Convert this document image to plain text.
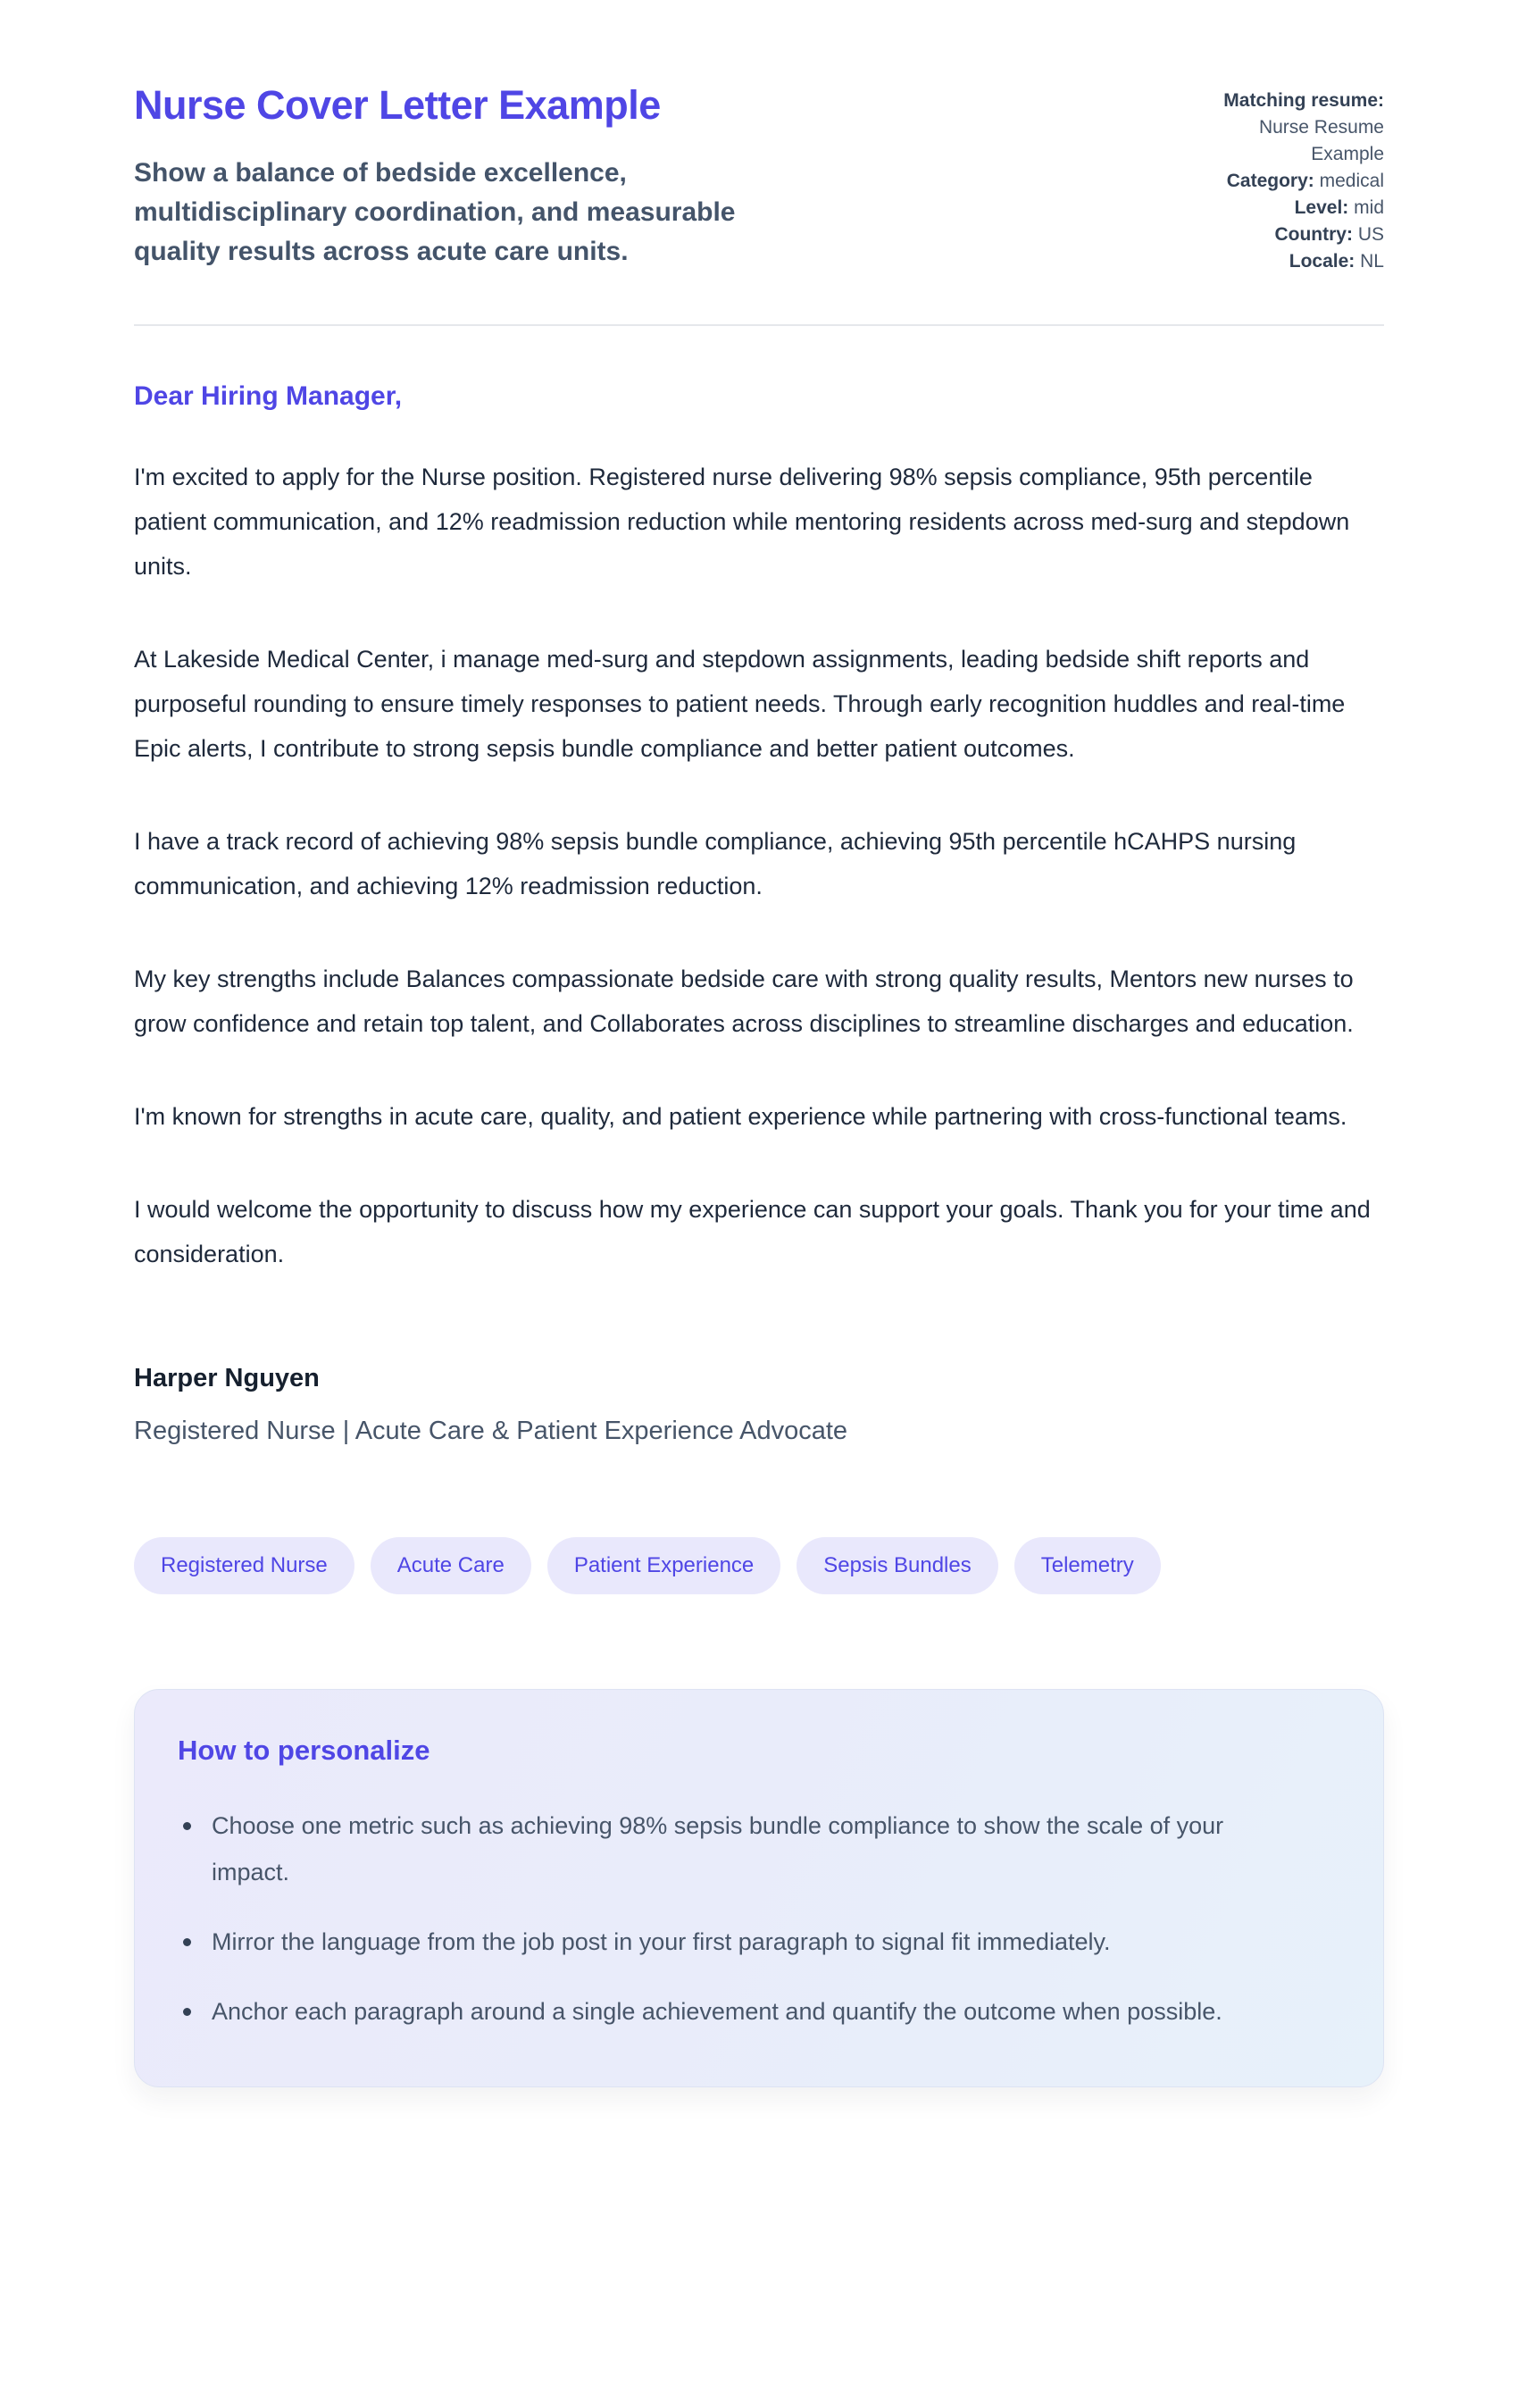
Nurse Cover Letter Example
Show a balance of bedside excellence,
multidisciplinary coordination, and measurable
quality results across acute care units.
Matching resume: Nurse Resume Example
Category: medical
Level: mid
Country: US
Locale: NL
Dear Hiring Manager,

I'm excited to apply for the Nurse position. Registered nurse delivering 98% sepsis compliance, 95th percentile patient communication, and 12% readmission reduction while mentoring residents across med-surg and stepdown units.

At Lakeside Medical Center, i manage med-surg and stepdown assignments, leading bedside shift reports and purposeful rounding to ensure timely responses to patient needs. Through early recognition huddles and real-time Epic alerts, I contribute to strong sepsis bundle compliance and better patient outcomes.

I have a track record of achieving 98% sepsis bundle compliance, achieving 95th percentile hCAHPS nursing communication, and achieving 12% readmission reduction.

My key strengths include Balances compassionate bedside care with strong quality results, Mentors new nurses to grow confidence and retain top talent, and Collaborates across disciplines to streamline discharges and education.

I'm known for strengths in acute care, quality, and patient experience while partnering with cross-functional teams.

I would welcome the opportunity to discuss how my experience can support your goals. Thank you for your time and consideration.

Harper Nguyen
Registered Nurse | Acute Care & Patient Experience Advocate
Registered Nurse	Acute Care	Patient Experience	Sepsis Bundles	Telemetry
How to personalize
Choose one metric such as achieving 98% sepsis bundle compliance to show the scale of your impact.
Mirror the language from the job post in your first paragraph to signal fit immediately.
Anchor each paragraph around a single achievement and quantify the outcome when possible.
